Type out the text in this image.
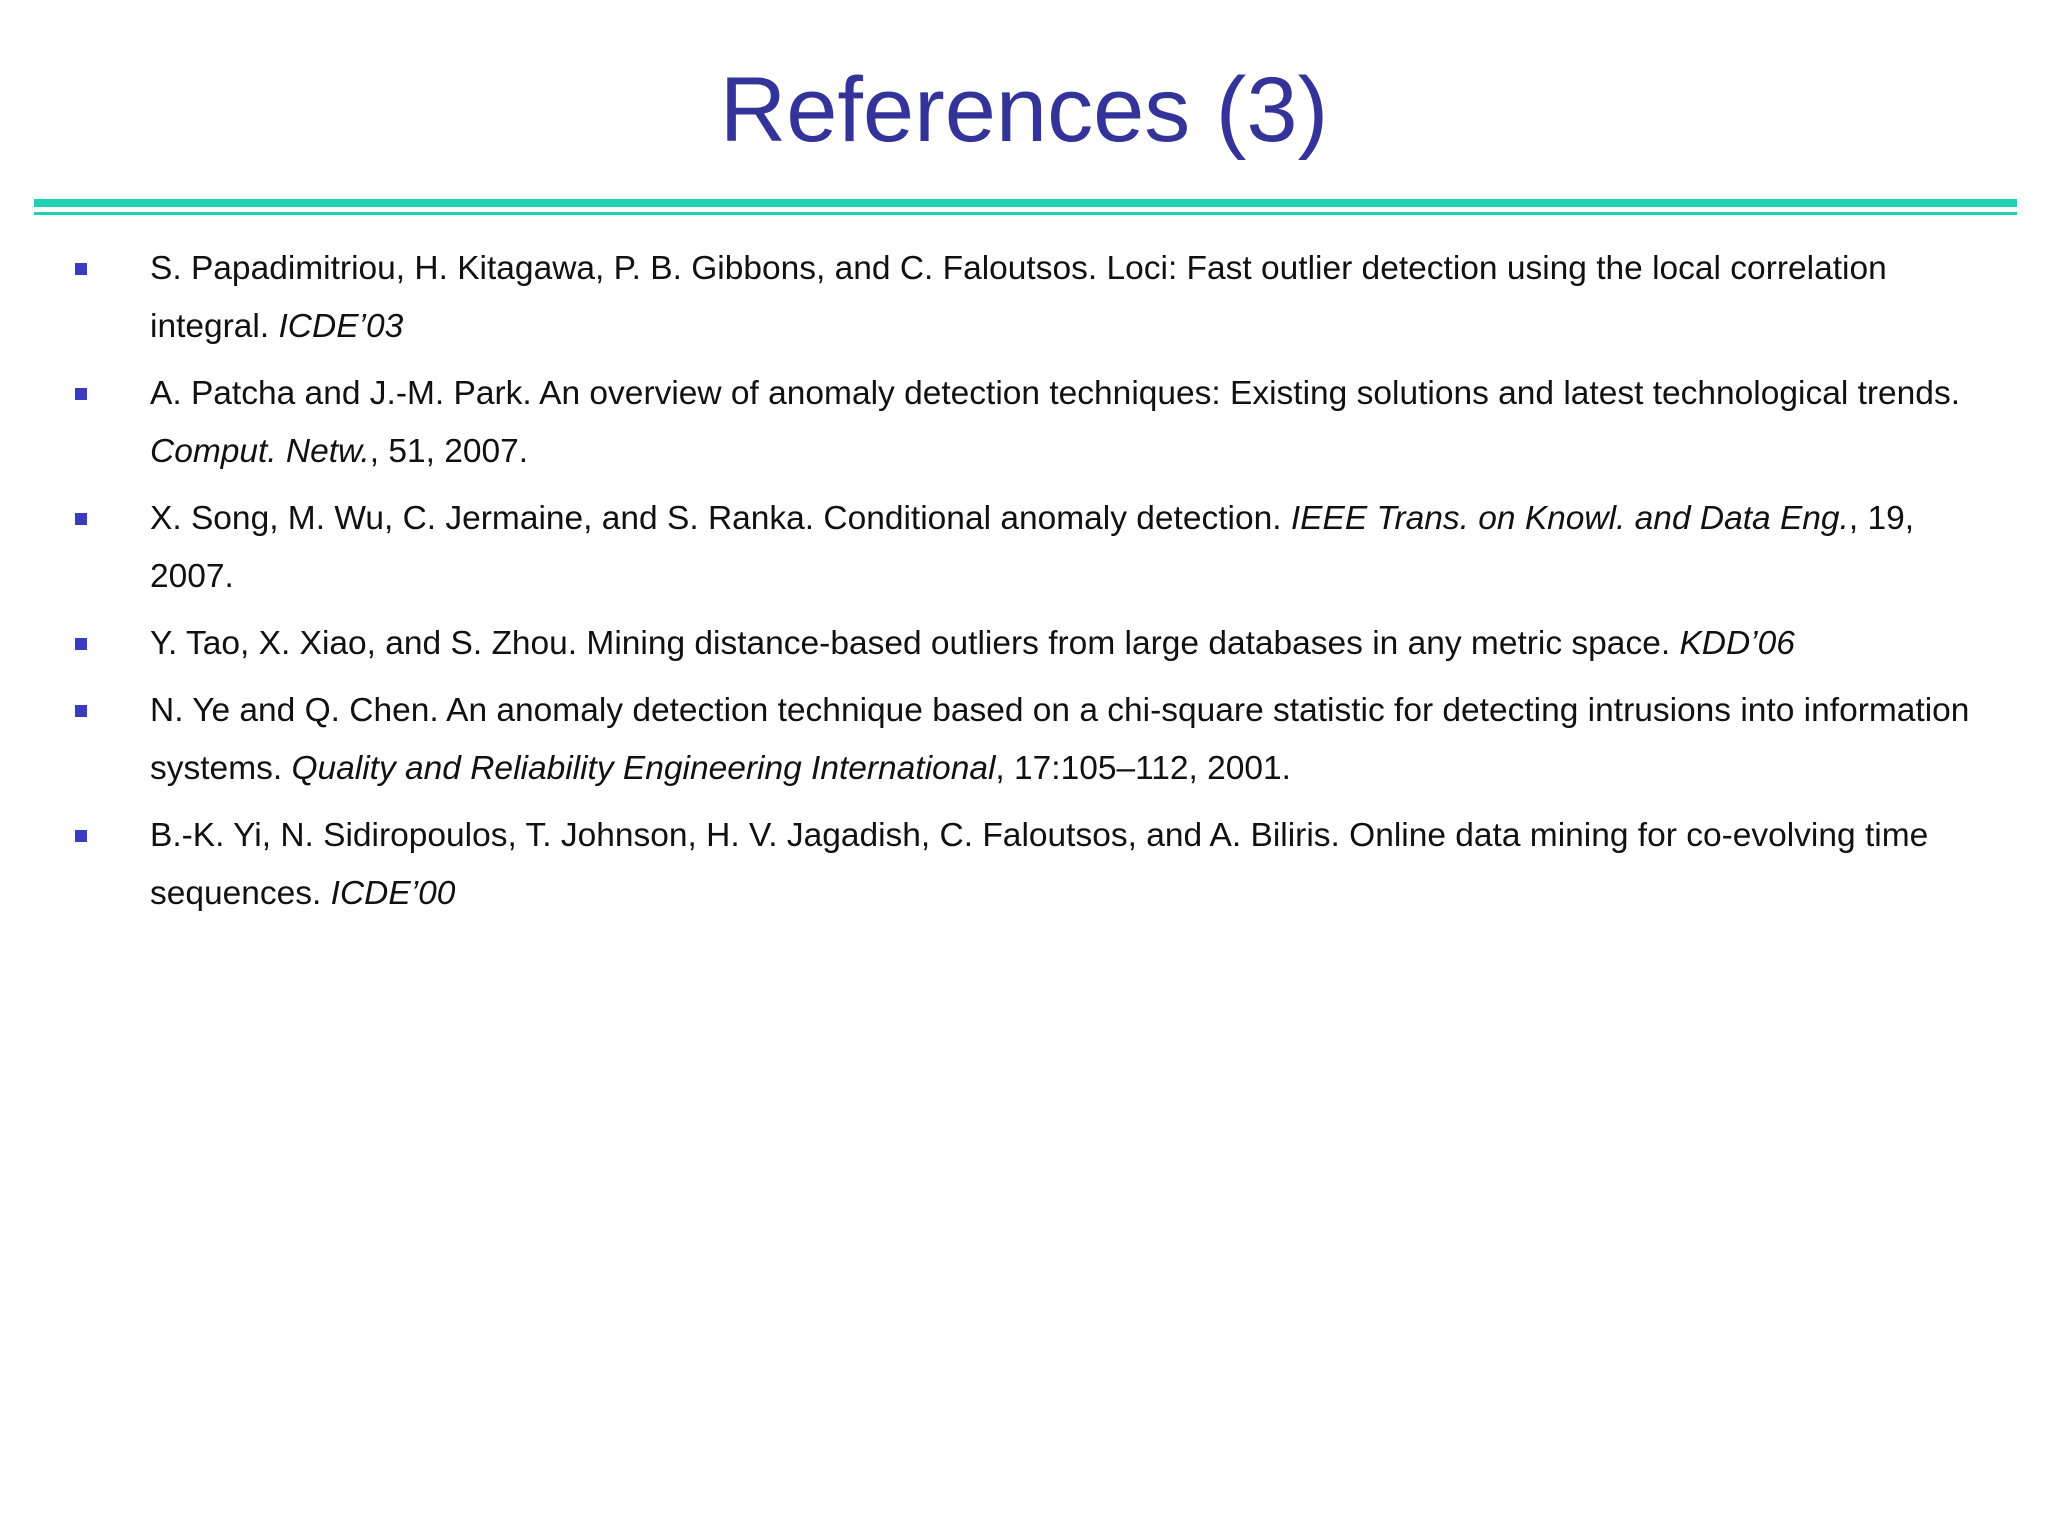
References (3)
S. Papadimitriou, H. Kitagawa, P. B. Gibbons, and C. Faloutsos. Loci: Fast outlier detection using the local correlation integral. ICDE’03
A. Patcha and J.-M. Park. An overview of anomaly detection techniques: Existing solutions and latest technological trends. Comput. Netw., 51, 2007.
X. Song, M. Wu, C. Jermaine, and S. Ranka. Conditional anomaly detection. IEEE Trans. on Knowl. and Data Eng., 19, 2007.
Y. Tao, X. Xiao, and S. Zhou. Mining distance-based outliers from large databases in any metric space. KDD’06
N. Ye and Q. Chen. An anomaly detection technique based on a chi-square statistic for detecting intrusions into information systems. Quality and Reliability Engineering International, 17:105–112, 2001.
B.-K. Yi, N. Sidiropoulos, T. Johnson, H. V. Jagadish, C. Faloutsos, and A. Biliris. Online data mining for co-evolving time sequences. ICDE’00
